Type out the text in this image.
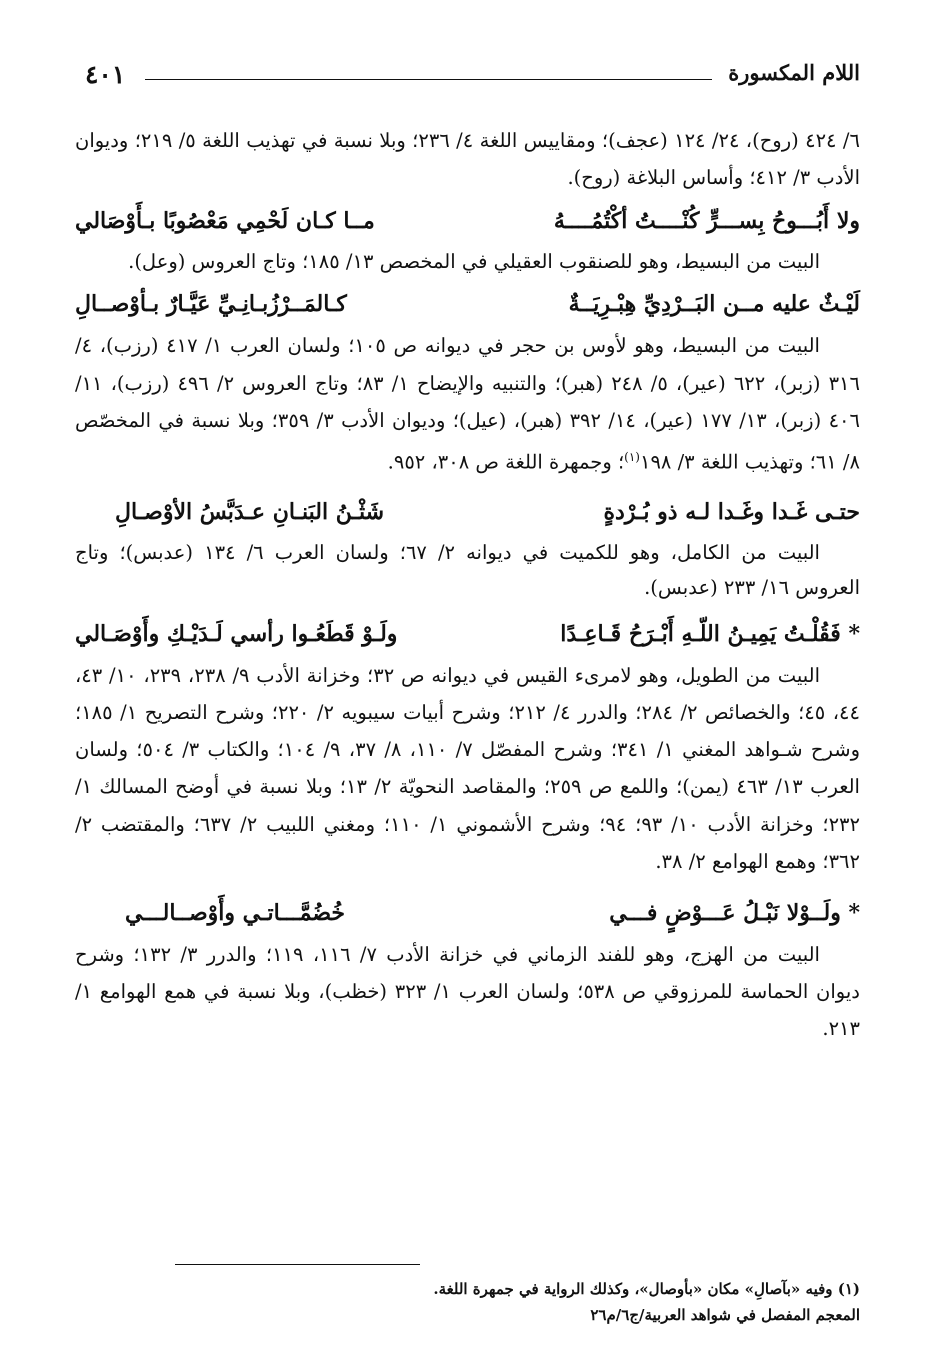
٤٠١	اللام المكسورة

٦/ ٤٢٤ (روح)، ٢٤/ ١٢٤ (عجف)؛ ومقاييس اللغة ٤/ ٢٣٦؛ وبلا نسبة في تهذيب اللغة ٥/ ٢١٩؛ وديوان الأدب ٣/ ٤١٢؛ وأساس البلاغة (روح).

ولا أَبُـــوحُ بِســـرٍّ كُنْــــتُ أكْتُمُــــهُ
مــا كـان لَحْمِي مَعْصُوبًا بـأَوْصَالي

البيت من البسيط، وهو للصنقوب العقيلي في المخصص ١٣/ ١٨٥؛ وتاج العروس (وعل).

لَيْـثٌ عليه مــن البَــرْدِيِّ هِبْـرِيَــةٌ
كـالمَــرْزُبـانِـيِّ عَيَّـارٌ بـأوْصــالِ

البيت من البسيط، وهو لأوس بن حجر في ديوانه ص ١٠٥؛ ولسان العرب ١/ ٤١٧ (رزب)، ٤/ ٣١٦ (زبر)، ٦٢٢ (عير)، ٥/ ٢٤٨ (هبر)؛ والتنبيه والإيضاح ١/ ٨٣؛ وتاج العروس ٢/ ٤٩٦ (رزب)، ١١/ ٤٠٦ (زبر)، ١٣/ ١٧٧ (عير)، ١٤/ ٣٩٢ (هبر)، (عيل)؛ وديوان الأدب ٣/ ٣٥٩؛ وبلا نسبة في المخصّص ٨/ ٦١؛ وتهذيب اللغة ٣/ ١٩٨$^{(١)}$؛ وجمهرة اللغة ص ٣٠٨، ٩٥٢.

حتـى غَـدا وغَـدا لـه ذو بُـرْدةٍ
شَثْـنُ البَنـانِ عـدَبَّسُ الأوْصـالِ

البيت من الكامل، وهو للكميت في ديوانه ٢/ ٦٧؛ ولسان العرب ٦/ ١٣٤ (عدبس)؛ وتاج العروس ١٦/ ٢٣٣ (عدبس).

* فَقُلْـتُ يَمِيـنُ اللّـهِ أَبْـرَحُ قَـاعِـدًا
ولَـوْ قَطَعُـوا رأسي لَـدَيْـكِ وأَوْصَـالي

البيت من الطويل، وهو لامرىء القيس في ديوانه ص ٣٢؛ وخزانة الأدب ٩/ ٢٣٨، ٢٣٩، ١٠/ ٤٣، ٤٤، ٤٥؛ والخصائص ٢/ ٢٨٤؛ والدرر ٤/ ٢١٢؛ وشرح أبيات سيبويه ٢/ ٢٢٠؛ وشرح التصريح ١/ ١٨٥؛ وشرح شـواهد المغني ١/ ٣٤١؛ وشرح المفصّل ٧/ ١١٠، ٨/ ٣٧، ٩/ ١٠٤؛ والكتاب ٣/ ٥٠٤؛ ولسان العرب ١٣/ ٤٦٣ (يمن)؛ واللمع ص ٢٥٩؛ والمقاصد النحويّة ٢/ ١٣؛ وبلا نسبة في أوضح المسالك ١/ ٢٣٢؛ وخزانة الأدب ١٠/ ٩٣؛ ٩٤؛ وشرح الأشموني ١/ ١١٠؛ ومغني اللبيب ٢/ ٦٣٧؛ والمقتضب ٢/ ٣٦٢؛ وهمع الهوامع ٢/ ٣٨.

* ولَــوْلا نَبْـلُ عَـــوْضٍ فـــي
خُضُمَّـــاتـي وأَوْصــالـــي

البيت من الهزج، وهو للفند الزماني في خزانة الأدب ٧/ ١١٦، ١١٩؛ والدرر ٣/ ١٣٢؛ وشرح ديوان الحماسة للمرزوقي ص ٥٣٨؛ ولسان العرب ١/ ٣٢٣ (خظب)، وبلا نسبة في همع الهوامع ١/ ٢١٣.

(١) وفيه «بآصالِ» مكان «بأوصال»، وكذلك الرواية في جمهرة اللغة.
المعجم المفصل في شواهد العربية/ج٦/م٢٦
